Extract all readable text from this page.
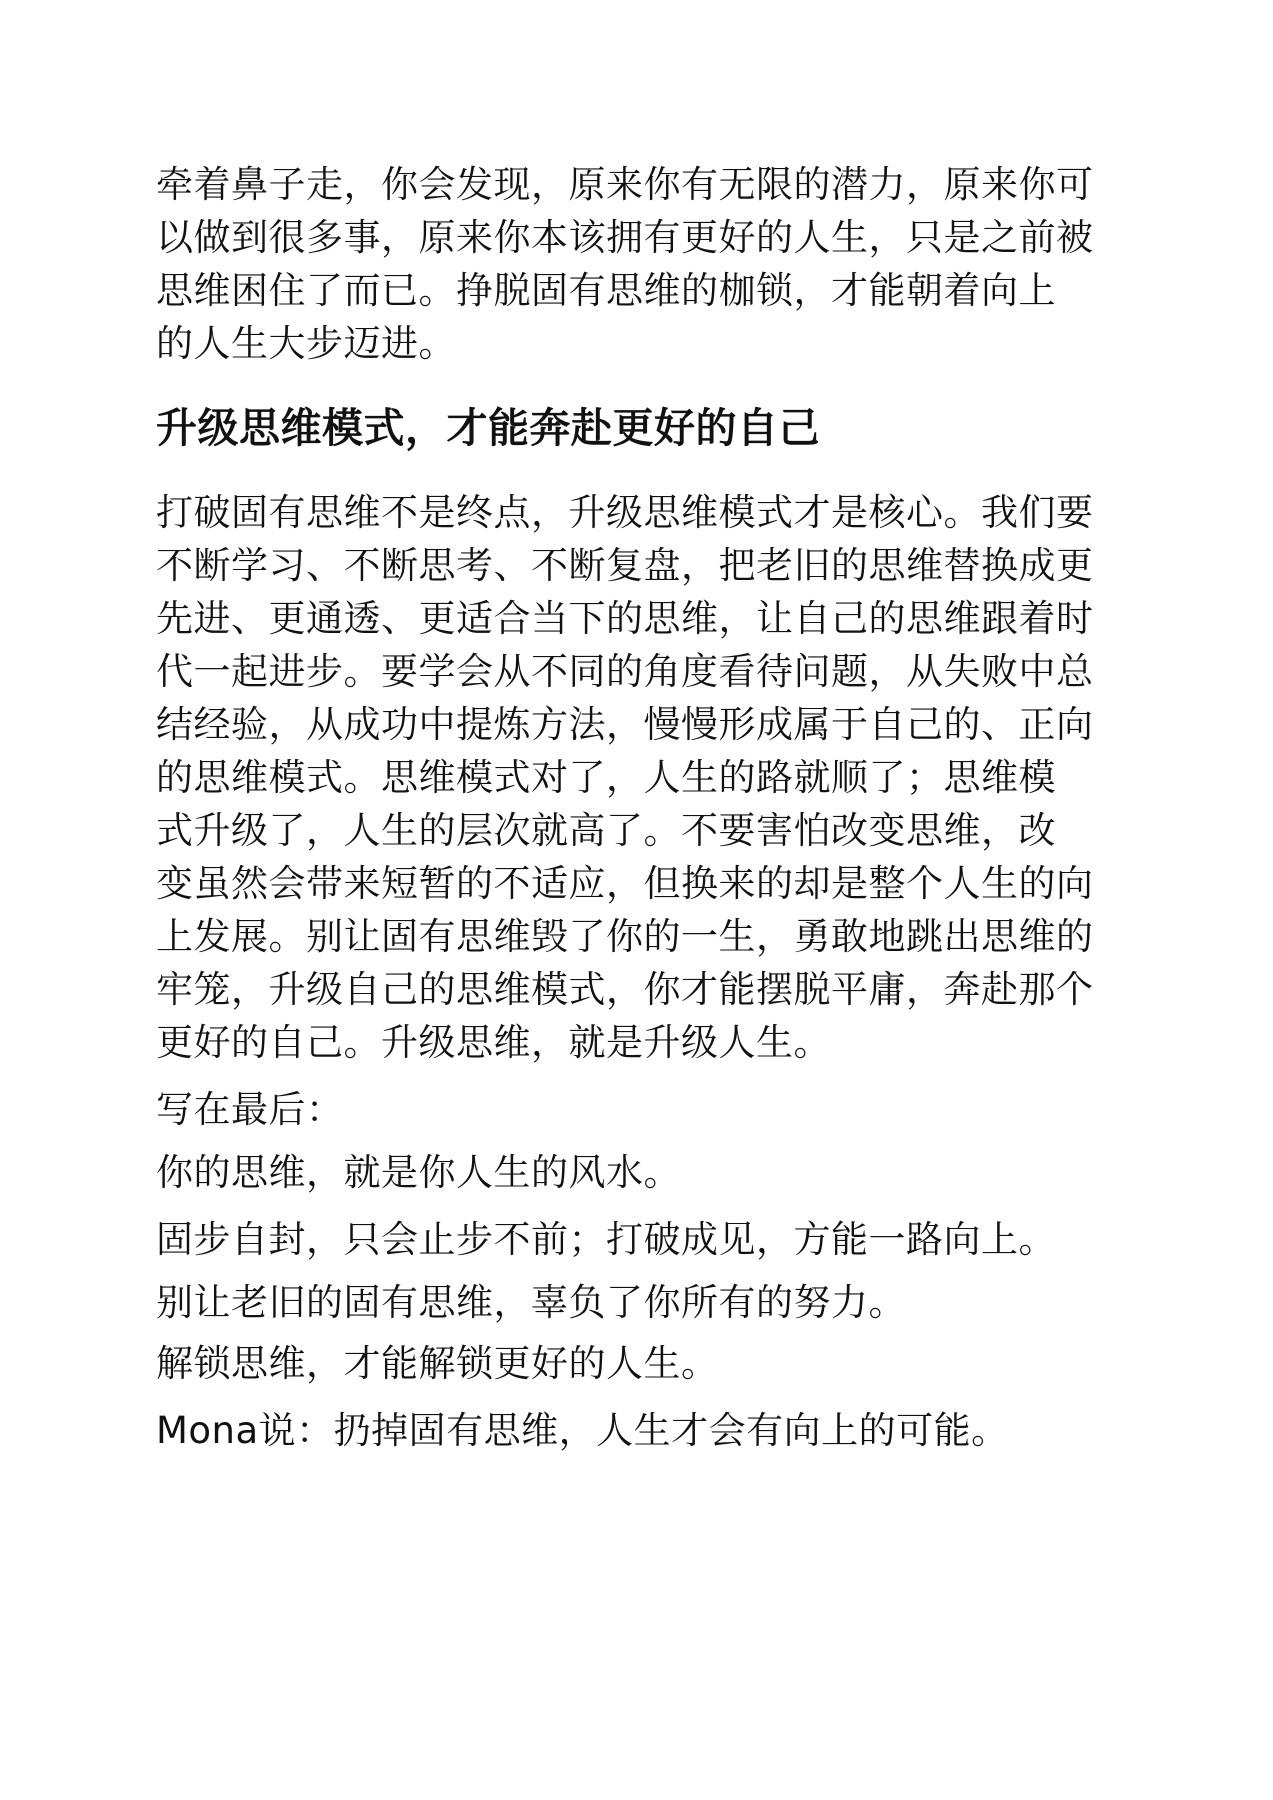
牵着鼻子走，你会发现，原来你有无限的潜力，原来你可
以做到很多事，原来你本该拥有更好的人生，只是之前被
思维困住了而已。挣脱固有思维的枷锁，才能朝着向上
的人生大步迈进。

升级思维模式，才能奔赴更好的自己

打破固有思维不是终点，升级思维模式才是核心。我们要
不断学习、不断思考、不断复盘，把老旧的思维替换成更
先进、更通透、更适合当下的思维，让自己的思维跟着时
代一起进步。要学会从不同的角度看待问题，从失败中总
结经验，从成功中提炼方法，慢慢形成属于自己的、正向
的思维模式。思维模式对了，人生的路就顺了；思维模
式升级了，人生的层次就高了。不要害怕改变思维，改
变虽然会带来短暂的不适应，但换来的却是整个人生的向
上发展。别让固有思维毁了你的一生，勇敢地跳出思维的
牢笼，升级自己的思维模式，你才能摆脱平庸，奔赴那个
更好的自己。升级思维，就是升级人生。

写在最后：

你的思维，就是你人生的风水。

固步自封，只会止步不前；打破成见，方能一路向上。

别让老旧的固有思维，辜负了你所有的努力。

解锁思维，才能解锁更好的人生。

Mona说：扔掉固有思维，人生才会有向上的可能。
